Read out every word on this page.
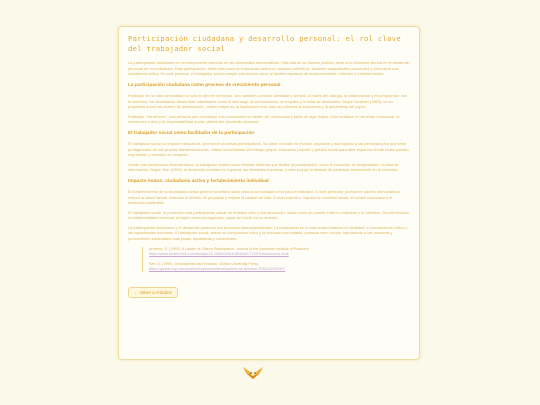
Participación ciudadana y desarrollo personal: el rol clave del trabajador social
La participación ciudadana es un componente esencial en las sociedades democráticas. Más allá de su función política, tiene una influencia directa en el desarrollo personal de los individuos. Esta participación, entendida como la implicación activa en asuntos colectivos, fortalece capacidades personales y promueve una ciudadanía crítica. En este proceso, el trabajador social cumple una función clave al facilitar espacios de involucramiento, reflexión y transformación.
La participación ciudadana como proceso de crecimiento personal
Participar en la vida comunitaria no solo es ejercer derechos, sino también construir identidad y sentido. A través del diálogo, la colaboración y el compromiso con lo colectivo, los ciudadanos desarrollan habilidades como el liderazgo, la comunicación, la empatía y la toma de decisiones. Según Arnstein (1969), en su propuesta sobre los niveles de participación, cuanto mayor es la implicación real, más se potencia la autonomía y la autoestima del sujeto.
Participar "transforma": una persona que contribuye a su comunidad se siente útil, reconocida y parte de algo mayor. Esto fortalece el bienestar emocional, la conciencia crítica y la responsabilidad social, pilares del desarrollo personal.
El trabajador social como facilitador de la participación
El trabajador social no impone estructuras, promueve procesos participativos. Su labor consiste en motivar, organizar y acompañar a las personas para que sean protagonistas de sus propias transformaciones. Utiliza herramientas del trabajo grupal, educación popular y gestión social para abrir espacios donde todas puedan expresarse y construir en conjunto.
Desde una perspectiva emancipadora, el trabajador social busca eliminar barreras que limitan la participación, como la exclusión, la desigualdad o la falta de información. Según Sen (1999), el desarrollo consiste en expandir las libertades humanas, y esto incluye la libertad de participar activamente en la sociedad.
Impacto mutuo: ciudadanía activa y fortalecimiento individual
El fortalecimiento de la ciudadanía activa genera beneficios tanto para la comunidad como para el individuo. A nivel personal, promueve valores democráticos, mejora la salud mental, estimula el sentido de propósito y mejora la calidad de vida. A nivel colectivo, impulsa la cohesión social, el control ciudadano y el desarrollo sostenible.
El trabajador social, al promover esta participación desde un enfoque ético y transformador, actúa como un puente entre lo individual y lo colectivo. Su intervención no asistencialista reconoce al sujeto como protagonista, capaz de incidir en su entorno.
La participación ciudadana y el desarrollo personal son procesos interdependientes. La implicación en la vida social fortalece la identidad, el pensamiento crítico y las capacidades humanas. El trabajador social, desde su compromiso ético y su enfoque comunitario, potencia este vínculo, impulsando a las personas y promoviendo sociedades más justas, equitativas y conscientes.
Arnstein, S. (1969). A Ladder of Citizen Participation. Journal of the American Institute of Planners.
https://www.tandfonline.com/doi/abs/10.1080/01944366908977225?needAccess=true
Sen, A. (1999). Development as Freedom. Oxford University Press.
https://global.oup.com/academic/product/development-as-freedom-9780192893307
← Volver a Artículos
